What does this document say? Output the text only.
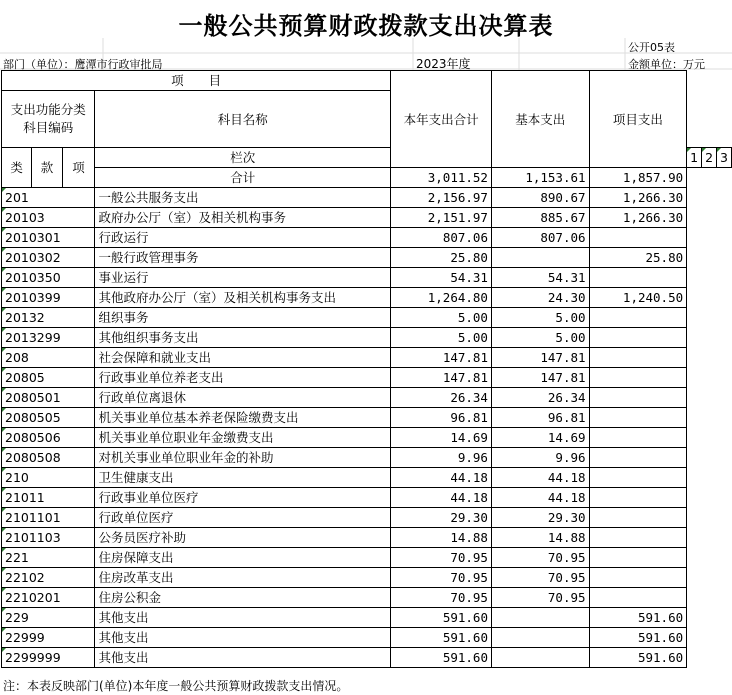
一般公共预算财政拨款支出决算表
公开05表
金额单位：万元
部门（单位）：鹰潭市行政审批局	2023年度
项　　目				本年支出合计	基本支出	项目支出			
支出功能分类科目编码			科目名称						

类	款	项	栏次				1	2	3
			合计	3,011.52	1,153.61	1,857.90			
201			一般公共服务支出	2,156.97	890.67	1,266.30			
20103			政府办公厅（室）及相关机构事务	2,151.97	885.67	1,266.30			
2010301			行政运行	807.06	807.06				
2010302			一般行政管理事务	25.80		25.80			
2010350			事业运行	54.31	54.31				
2010399			其他政府办公厅（室）及相关机构事务支出	1,264.80	24.30	1,240.50			
20132			组织事务	5.00	5.00				
2013299			其他组织事务支出	5.00	5.00				
208			社会保障和就业支出	147.81	147.81				
20805			行政事业单位养老支出	147.81	147.81				
2080501			行政单位离退休	26.34	26.34				
2080505			机关事业单位基本养老保险缴费支出	96.81	96.81				
2080506			机关事业单位职业年金缴费支出	14.69	14.69				
2080508			对机关事业单位职业年金的补助	9.96	9.96				
210			卫生健康支出	44.18	44.18				
21011			行政事业单位医疗	44.18	44.18				
2101101			行政单位医疗	29.30	29.30				
2101103			公务员医疗补助	14.88	14.88				
221			住房保障支出	70.95	70.95				
22102			住房改革支出	70.95	70.95				
2210201			住房公积金	70.95	70.95				
229			其他支出	591.60		591.60			
22999			其他支出	591.60		591.60			
2299999			其他支出	591.60		591.60			
注：本表反映部门(单位)本年度一般公共预算财政拨款支出情况。
